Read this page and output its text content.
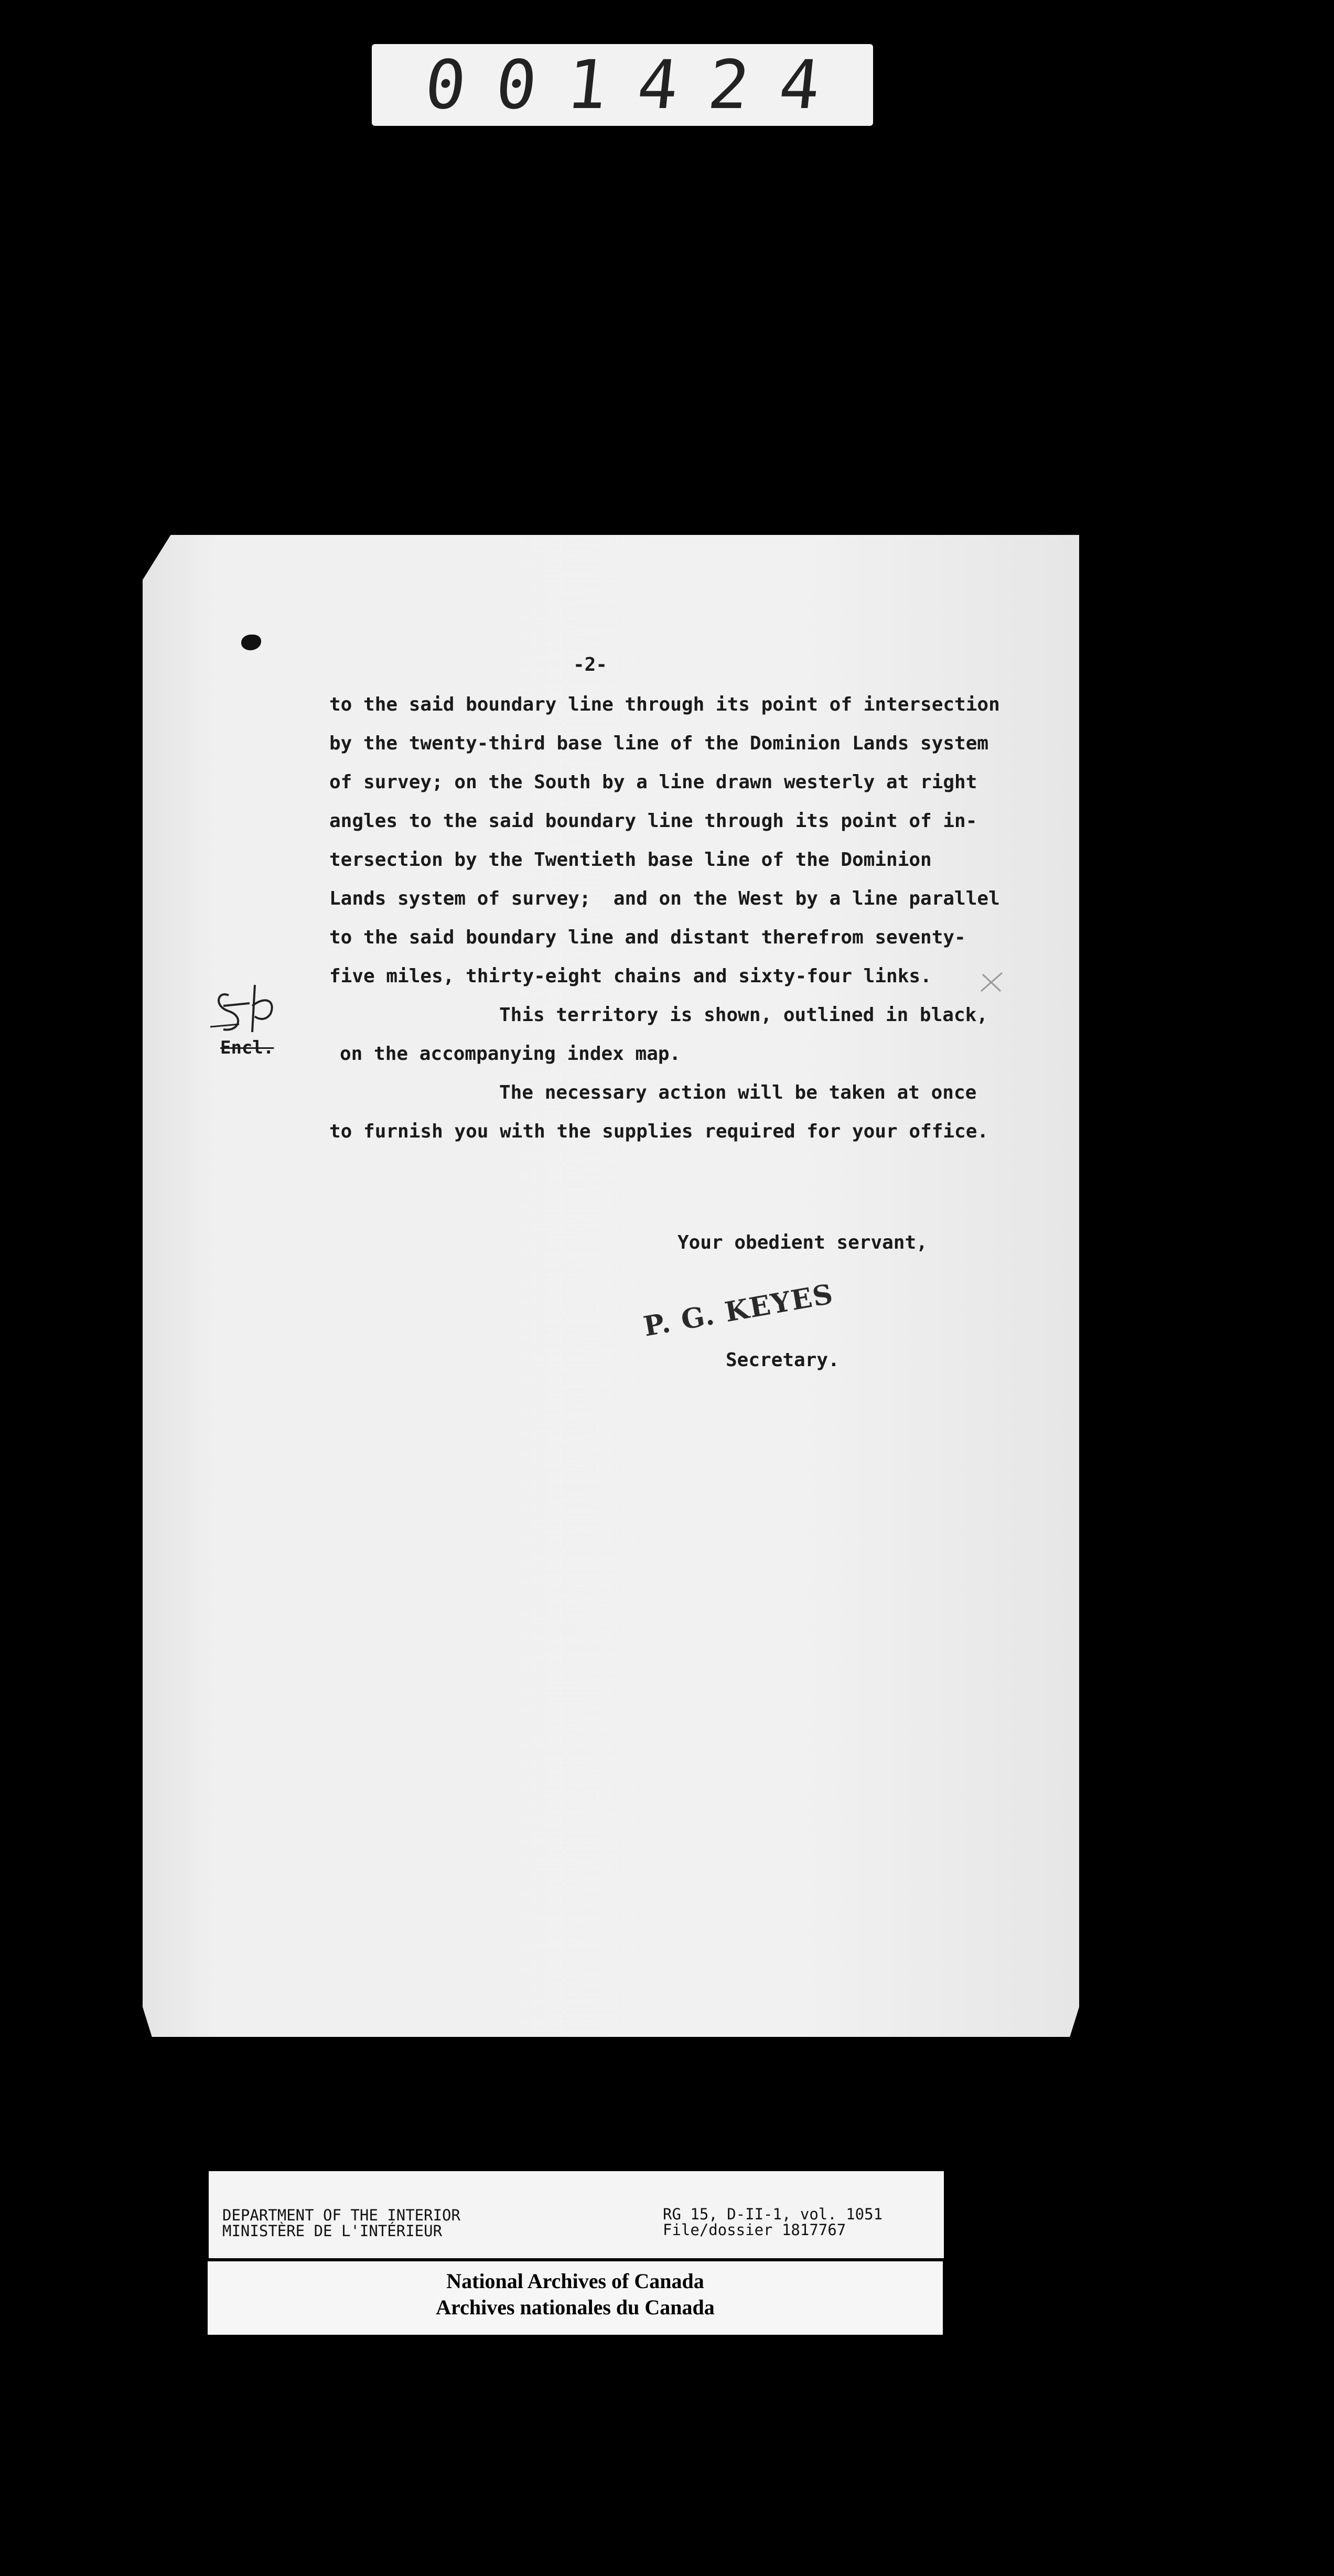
001424
-2-
to the said boundary line through its point of intersection
by the twenty-third base line of the Dominion Lands system
of survey; on the South by a line drawn westerly at right
angles to the said boundary line through its point of in-
tersection by the Twentieth base line of the Dominion
Lands system of survey;  and on the West by a line parallel
to the said boundary line and distant therefrom seventy-
five miles, thirty-eight chains and sixty-four links.
This territory is shown, outlined in black,
on the accompanying index map.
The necessary action will be taken at once
to furnish you with the supplies required for your office.
Your obedient servant,
Secretary.
Encl.
P. G. KEYES
DEPARTMENT OF THE INTERIOR
MINISTÈRE DE L'INTÉRIEUR
RG 15, D-II-1, vol. 1051
File/dossier 1817767
National Archives of Canada
Archives nationales du Canada
